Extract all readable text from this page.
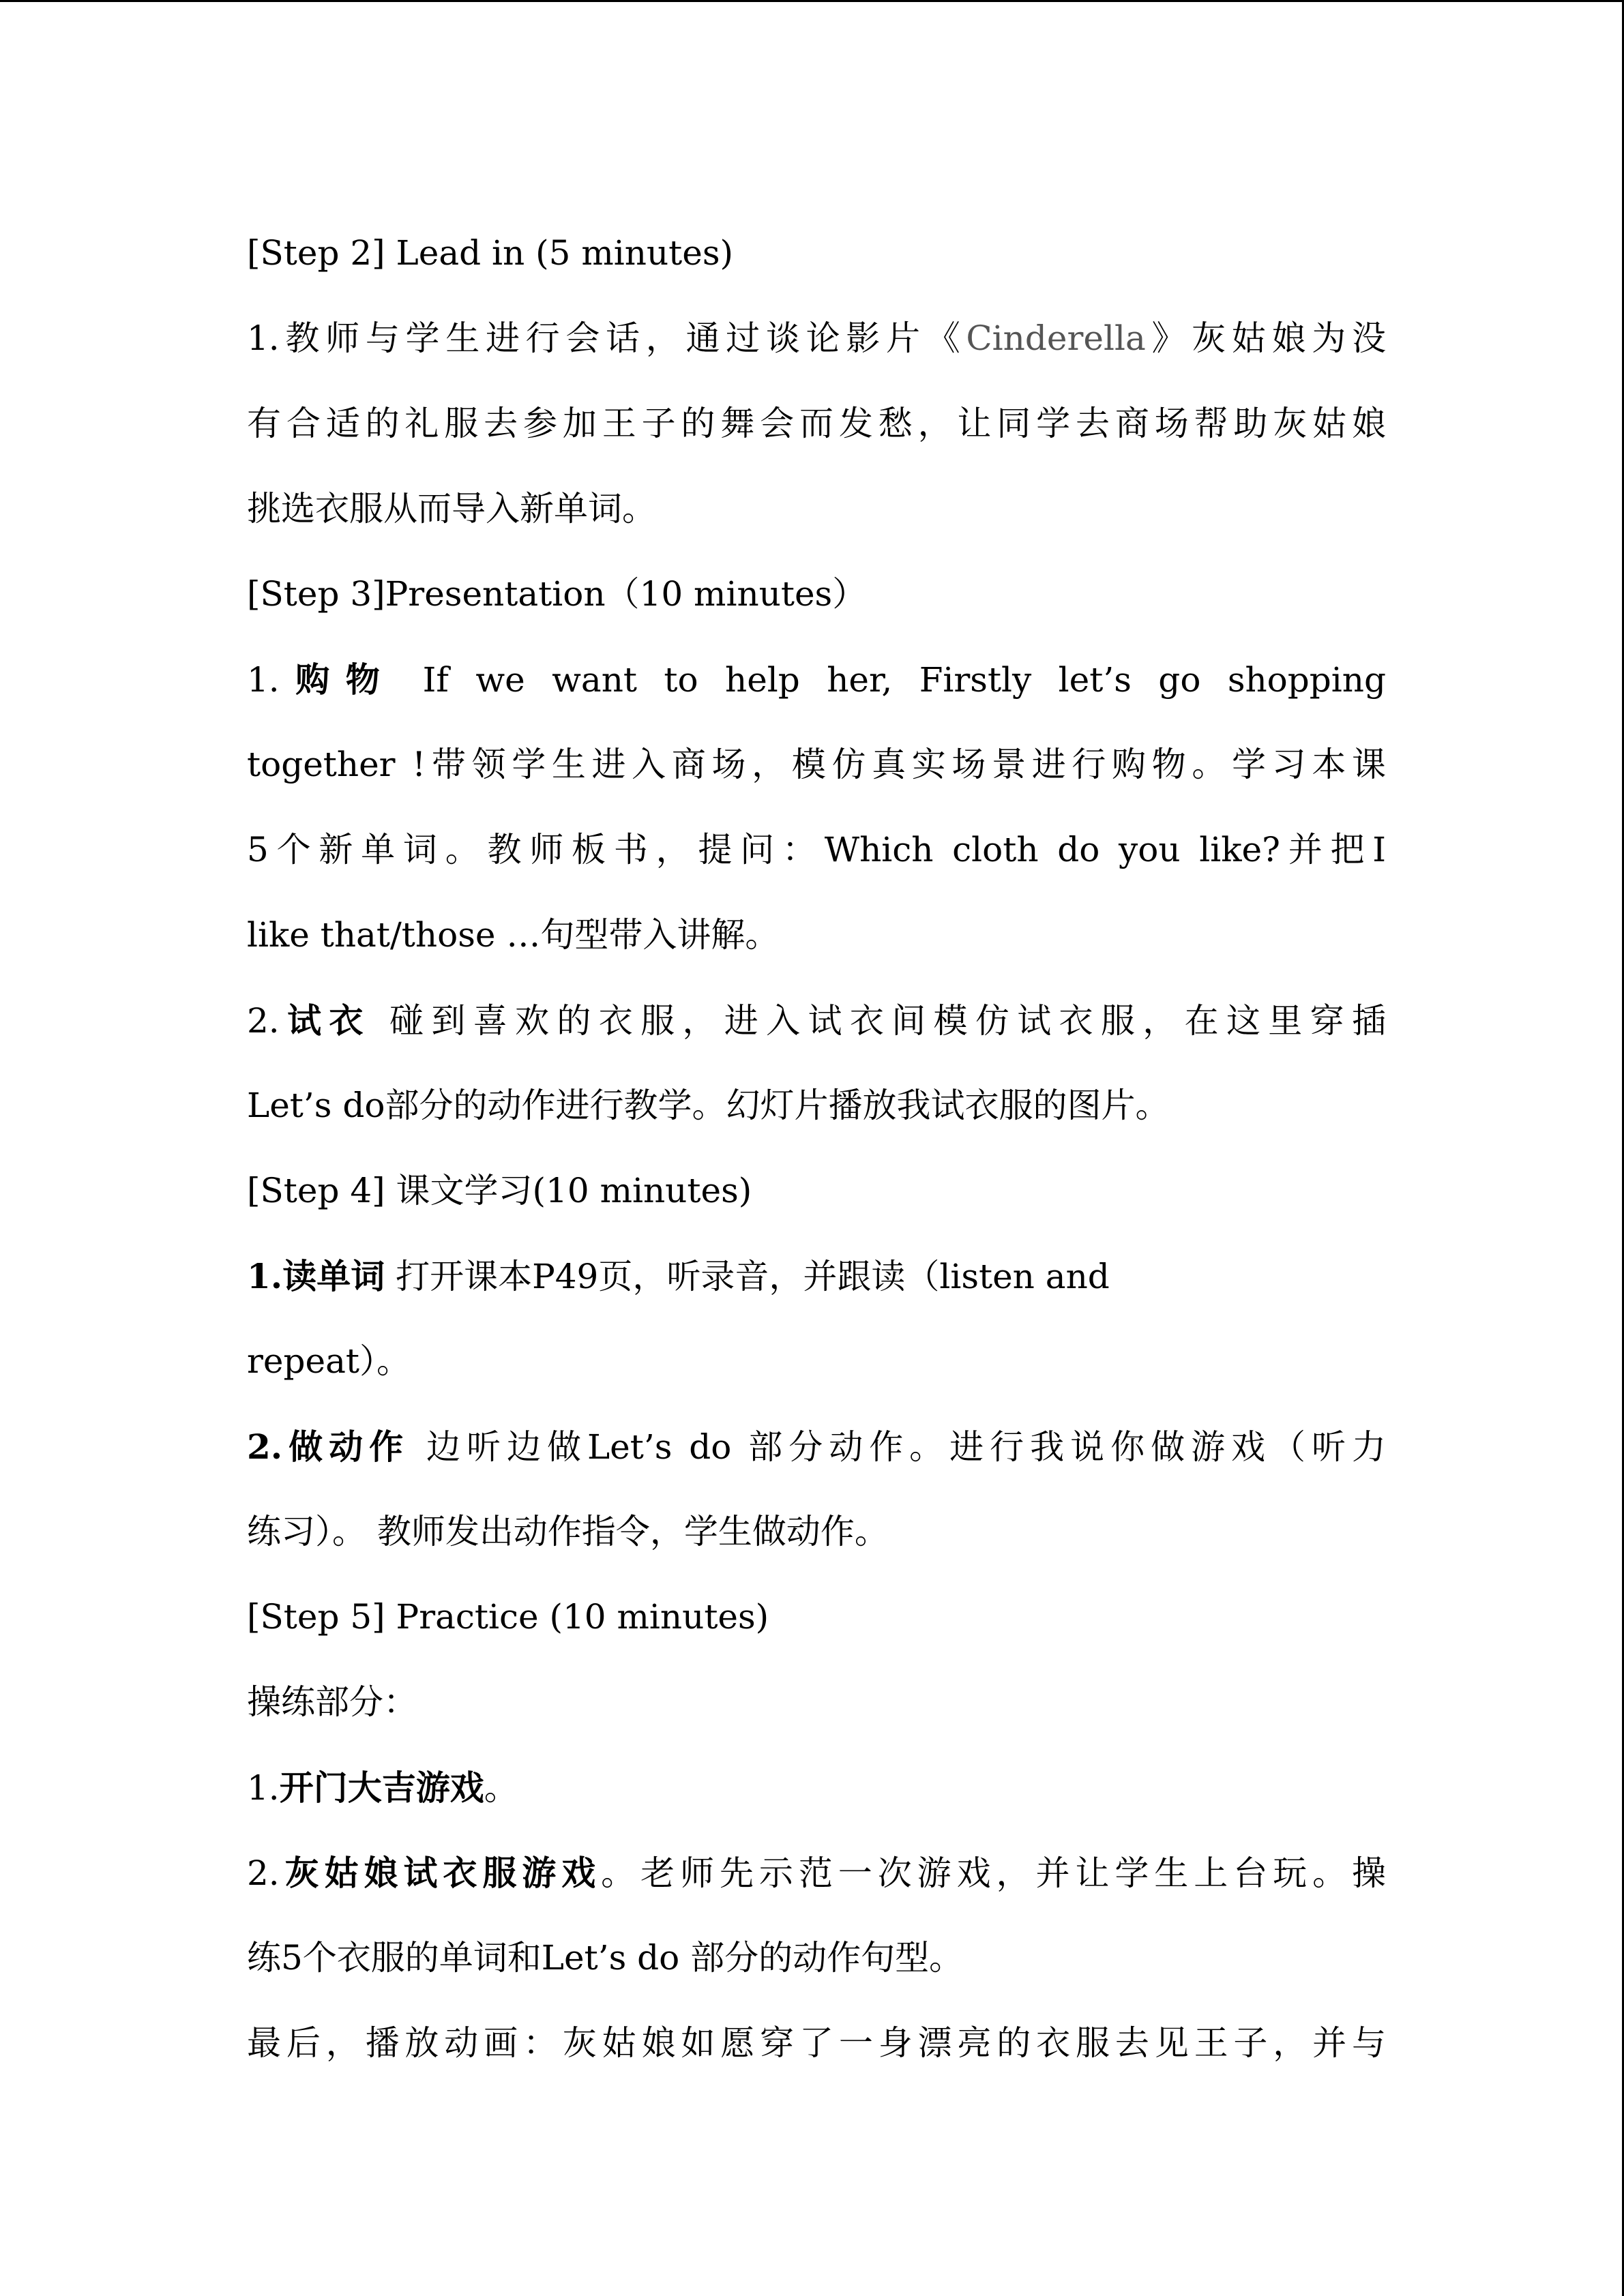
[Step 2] Lead in (5 minutes)
1.教师与学生进行会话，通过谈论影片《Cinderella》灰姑娘为没
有合适的礼服去参加王子的舞会而发愁，让同学去商场帮助灰姑娘
挑选衣服从而导入新单词。
[Step 3]Presentation（10 minutes）
1.购物 If we want to help her, Firstly let’s go shopping
together !带领学生进入商场，模仿真实场景进行购物。学习本课
5个新单词。教师板书，提问：Which cloth do you like?并把I
like that/those …句型带入讲解。
2.试衣 碰到喜欢的衣服，进入试衣间模仿试衣服，在这里穿插
Let’s do部分的动作进行教学。幻灯片播放我试衣服的图片。
[Step 4] 课文学习(10 minutes)
1.读单词 打开课本P49页，听录音，并跟读（listen and
repeat）。
2.做动作 边听边做Let’s do 部分动作。进行我说你做游戏（听力
练习）。 教师发出动作指令，学生做动作。
[Step 5] Practice (10 minutes)
操练部分：
1.开门大吉游戏。
2.灰姑娘试衣服游戏。老师先示范一次游戏，并让学生上台玩。操
练5个衣服的单词和Let’s do 部分的动作句型。
最后，播放动画：灰姑娘如愿穿了一身漂亮的衣服去见王子，并与
